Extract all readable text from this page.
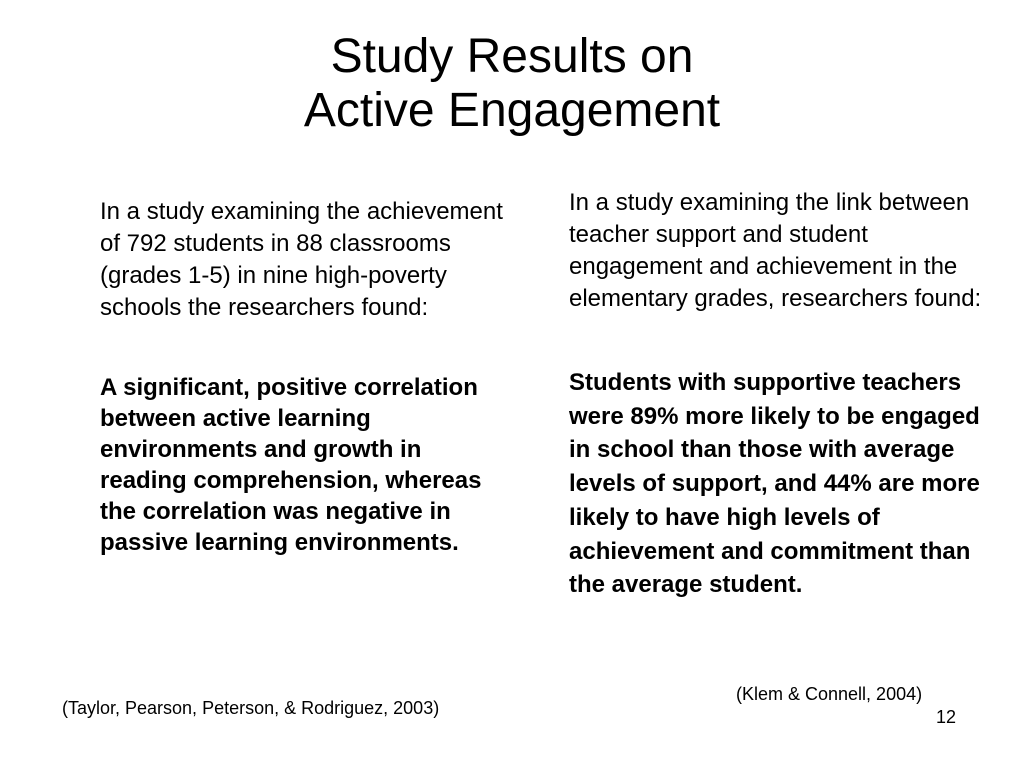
Study Results on
Active Engagement

In a study examining the achievement of 792 students in 88 classrooms (grades 1-5) in nine high-poverty schools the researchers found:

A significant, positive correlation between active learning environments and growth in reading comprehension, whereas the correlation was negative in passive learning environments.

In a study examining the link between teacher support and student engagement and achievement in the elementary grades, researchers found:

Students with supportive teachers were 89% more likely to be engaged in school than those with average levels of support, and 44% are more likely to have high levels of achievement and commitment than the average student.

(Taylor, Pearson, Peterson, & Rodriguez, 2003)
(Klem & Connell, 2004)
12
